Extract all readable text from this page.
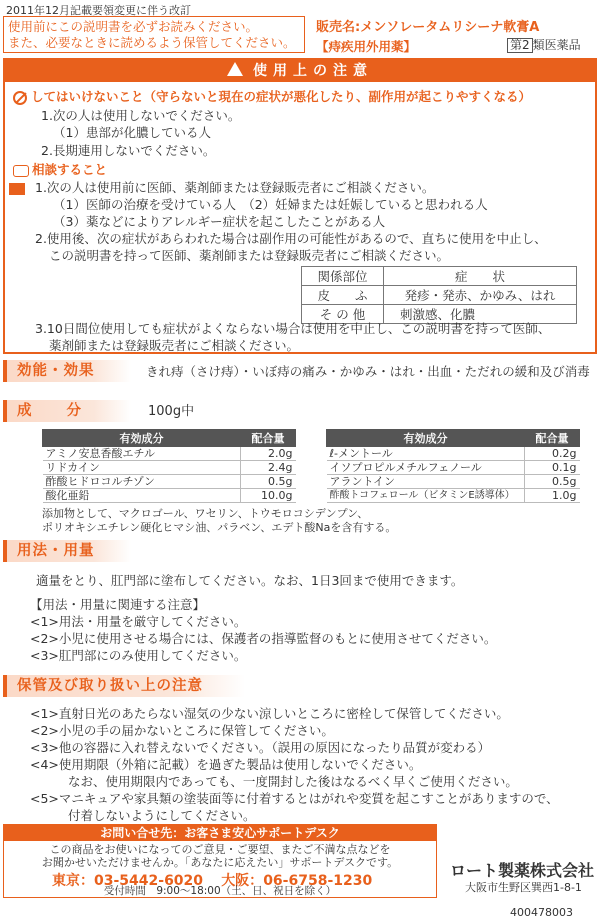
2011年12月記載要領変更に伴う改訂
使用前にこの説明書を必ずお読みください。
また、必要なときに読めるよう保管してください。
販売名:メンソレータムリシーナ軟膏A
【痔疾用外用薬】	第2 類医薬品
使用上の注意
してはいけないこと（守らないと現在の症状が悪化したり、副作用が起こりやすくなる）
1.次の人は使用しないでください。
（1）患部が化膿している人
2.長期連用しないでください。
相談すること
1.次の人は使用前に医師、薬剤師または登録販売者にご相談ください。
（1）医師の治療を受けている人　（2）妊婦または妊娠していると思われる人
（3）薬などによりアレルギー症状を起こしたことがある人
2.使用後、次の症状があらわれた場合は副作用の可能性があるので、直ちに使用を中止し、
この説明書を持って医師、薬剤師または登録販売者にご相談ください。
関係部位	症　　状
皮　　ふ	発疹・発赤、かゆみ、はれ
そ の 他	刺激感、化膿
3.10日間位使用しても症状がよくならない場合は使用を中止し、この説明書を持って医師、
薬剤師または登録販売者にご相談ください。
効能・効果	きれ痔（さけ痔）・いぼ痔の痛み・かゆみ・はれ・出血・ただれの緩和及び消毒
成　　分	100g中
有効成分	配合量
アミノ安息香酸エチル	2.0g
リドカイン	2.4g
酢酸ヒドロコルチゾン	0.5g
酸化亜鉛	10.0g
有効成分	配合量
ℓ-メントール	0.2g
イソプロピルメチルフェノール	0.1g
アラントイン	0.5g
酢酸トコフェロール（ビタミンE誘導体）	1.0g
添加物として、マクロゴール、ワセリン、トウモロコシデンプン、
ポリオキシエチレン硬化ヒマシ油、パラベン、エデト酸Naを含有する。
用法・用量
適量をとり、肛門部に塗布してください。なお、1日3回まで使用できます。
【用法・用量に関連する注意】
<1>用法・用量を厳守してください。
<2>小児に使用させる場合には、保護者の指導監督のもとに使用させてください。
<3>肛門部にのみ使用してください。
保管及び取り扱い上の注意
<1>直射日光のあたらない湿気の少ない涼しいところに密栓して保管してください。
<2>小児の手の届かないところに保管してください。
<3>他の容器に入れ替えないでください。（誤用の原因になったり品質が変わる）
<4>使用期限（外箱に記載）を過ぎた製品は使用しないでください。
なお、使用期限内であっても、一度開封した後はなるべく早くご使用ください。
<5>マニキュアや家具類の塗装面等に付着するとはがれや変質を起こすことがありますので、
付着しないようにしてください。
お問い合せ先：お客さま安心サポートデスク
この商品をお使いになってのご意見・ご要望、またご不満な点などを
お聞かせいただけませんか。「あなたに応えたい」サポートデスクです。
東京：03-5442-6020 大阪：06-6758-1230
受付時間　9:00～18:00（土、日、祝日を除く）
ロート製薬株式会社
大阪市生野区巽西1-8-1
400478003
